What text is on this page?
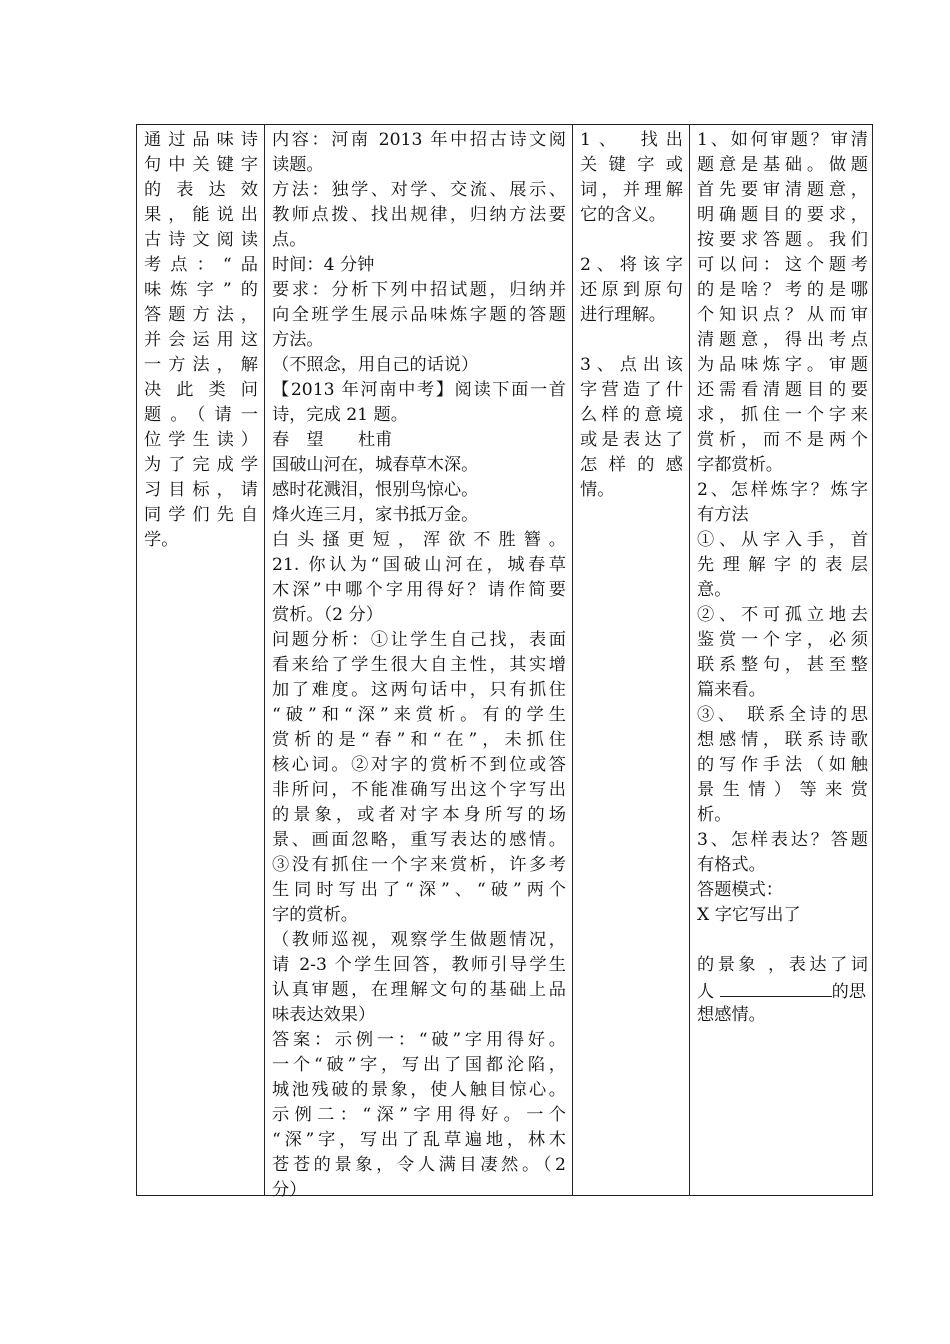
通过品味诗
句中关键字
的 表 达 效
果，能说出
古诗文阅读
考点：“品
味炼字”的
答题方法，
并会运用这
一方法，解
决 此 类 问
题。（请一
位学生读）
为了完成学
习目标，请
同学们先自
学。
内容：河南 2013 年中招古诗文阅
读题。
方法：独学、对学、交流、展示、
教师点拨、找出规律，归纳方法要
点。
时间：4 分钟
要求：分析下列中招试题，归纳并
向全班学生展示品味炼字题的答题
方法。
（不照念，用自己的话说）
【2013 年河南中考】阅读下面一首
诗，完成 21 题。
春　望　　杜甫
国破山河在，城春草木深。
感时花溅泪，恨别鸟惊心。
烽火连三月，家书抵万金。
白 头 搔 更 短 ， 浑 欲 不 胜 簪 。
21. 你认为“国破山河在，城春草
木深”中哪个字用得好？请作简要
赏析。（2 分）
问题分析：①让学生自己找，表面
看来给了学生很大自主性，其实增
加了难度。这两句话中，只有抓住
“破”和“深”来赏析。有的学生
赏析的是“春”和“在”，未抓住
核心词。②对字的赏析不到位或答
非所问，不能准确写出这个字写出
的景象，或者对字本身所写的场
景、画面忽略，重写表达的感情。
③没有抓住一个字来赏析，许多考
生同时写出了“深”、“破”两个
字的赏析。
（教师巡视，观察学生做题情况，
请 2-3 个学生回答，教师引导学生
认真审题，在理解文句的基础上品
味表达效果）
答案：示例一：“破”字用得好。
一个“破”字，写出了国都沦陷，
城池残破的景象，使人触目惊心。
示例二：“深”字用得好。一个
“深”字，写出了乱草遍地，林木
苍苍的景象，令人满目凄然。（2
分）
1、　找出
关 键 字 或
词，并理解
它的含义。
2、将该字
还原到原句
进行理解。
3、点出该
字营造了什
么样的意境
或是表达了
怎 样 的 感
情。
1、如何审题？审清
题意是基础。做题
首先要审清题意，
明确题目的要求，
按要求答题。我们
可以问：这个题考
的是啥？考的是哪
个知识点？从而审
清题意，得出考点
为品味炼字。审题
还需看清题目的要
求，抓住一个字来
赏析，而不是两个
字都赏析。
2、怎样炼字？炼字
有方法
①、从字入手，首
先 理 解 字 的 表 层
意。
②、不可孤立地去
鉴赏一个字，必须
联系整句，甚至整
篇来看。
③、 联系全诗的思
想感情，联系诗歌
的写作手法（如触
景 生 情 ） 等 来 赏
析。
3、怎样表达？答题
有格式。
答题模式：
X 字它写出了
的景象 ，表达了词
人	的思
想感情。
